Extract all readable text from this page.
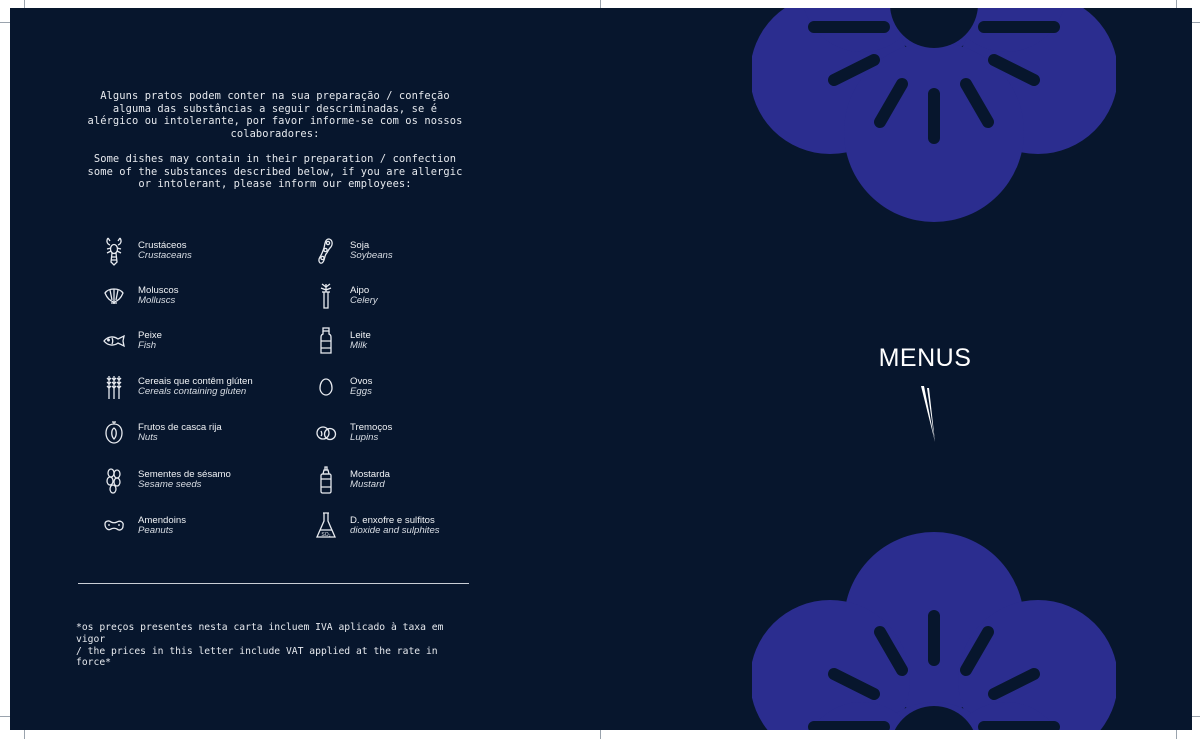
Alguns pratos podem conter na sua preparação / confeção alguma das substâncias a seguir descriminadas, se é alérgico ou intolerante, por favor informe-se com os nossos colaboradores:

Some dishes may contain in their preparation / confection some of the substances described below, if you are allergic or intolerant, please inform our employees:

Crustáceos
Crustaceans
Moluscos
Molluscs
Peixe
Fish
Cereais que contêm glúten
Cereals containing gluten
Frutos de casca rija
Nuts
Sementes de sésamo
Sesame seeds
Amendoins
Peanuts
Soja
Soybeans
Aipo
Celery
Leite
Milk
Ovos
Eggs
Tremoços
Lupins
Mostarda
Mustard
SO₂
D. enxofre e sulfitos
dioxide and sulphites
*os preços presentes nesta carta incluem IVA aplicado à taxa em vigor
/ the prices in this letter include VAT applied at the rate in force*
MENUS
